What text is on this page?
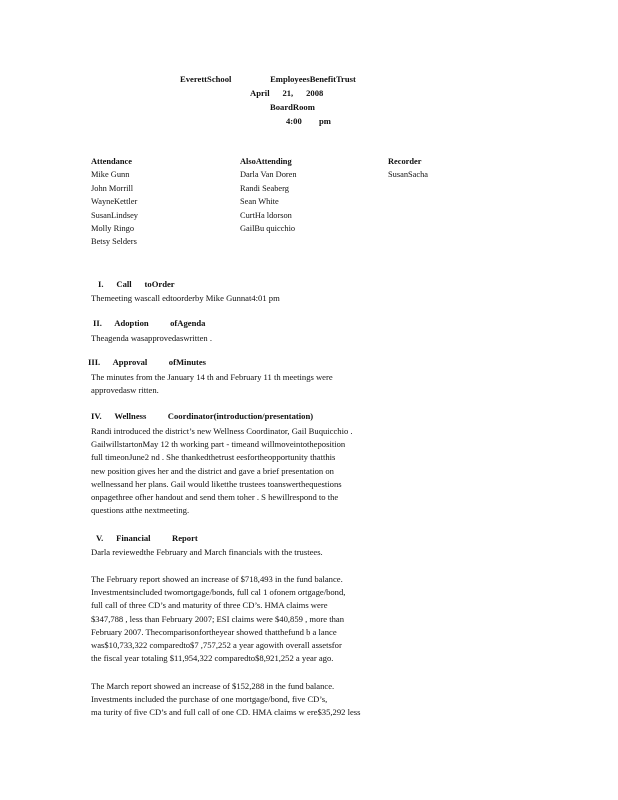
EverettSchool                  EmployeesBenefitTrust
April      21,      2008
BoardRoom
4:00        pm
Attendance
Mike Gunn
John Morrill
WayneKettler
SusanLindsey
Molly Ringo
Betsy Selders
AlsoAttending
Darla Van Doren
Randi Seaberg
Sean White
CurtHa ldorson
GailBu quicchio
Recorder
SusanSacha
I.      Call      toOrder

Themeeting wascall edtoorderby Mike Gunnat4:01 pm

II.      Adoption          ofAgenda

Theagenda wasapprovedaswritten .

III.      Approval          ofMinutes

The minutes from the January 14 th and February 11 th meetings were

approvedasw ritten.

IV.      Wellness          Coordinator(introduction/presentation)

Randi introduced the district’s new Wellness Coordinator, Gail Buquicchio .

GailwillstartonMay 12 th working part - timeand willmoveintotheposition

full timeonJune2 nd . She thankedthetrust eesfortheopportunity thatthis

new position gives her and the district and gave a brief presentation on

wellnessand her plans. Gail would liketthe trustees toanswerthequestions

onpagethree ofher handout and send them toher . S hewillrespond to the

questions atthe nextmeeting.

V.      Financial          Report

Darla reviewedthe February and March financials with the trustees.

The February report showed an increase of $718,493 in the fund balance.

Investmentsincluded twomortgage/bonds, full cal 1 ofonem ortgage/bond,

full call of three CD’s and maturity of three CD’s. HMA claims were

$347,788 , less than February 2007; ESI claims were $40,859 , more than

February 2007. Thecomparisonfortheyear showed thatthefund b a lance

was$10,733,322 comparedto$7 ,757,252 a year agowith overall assetsfor

the fiscal year totaling $11,954,322 comparedto$8,921,252 a year ago.

The March report showed an increase of $152,288 in the fund balance.

Investments included the purchase of one mortgage/bond, five CD’s,

ma turity of five CD’s and full call of one CD. HMA claims w ere$35,292 less
